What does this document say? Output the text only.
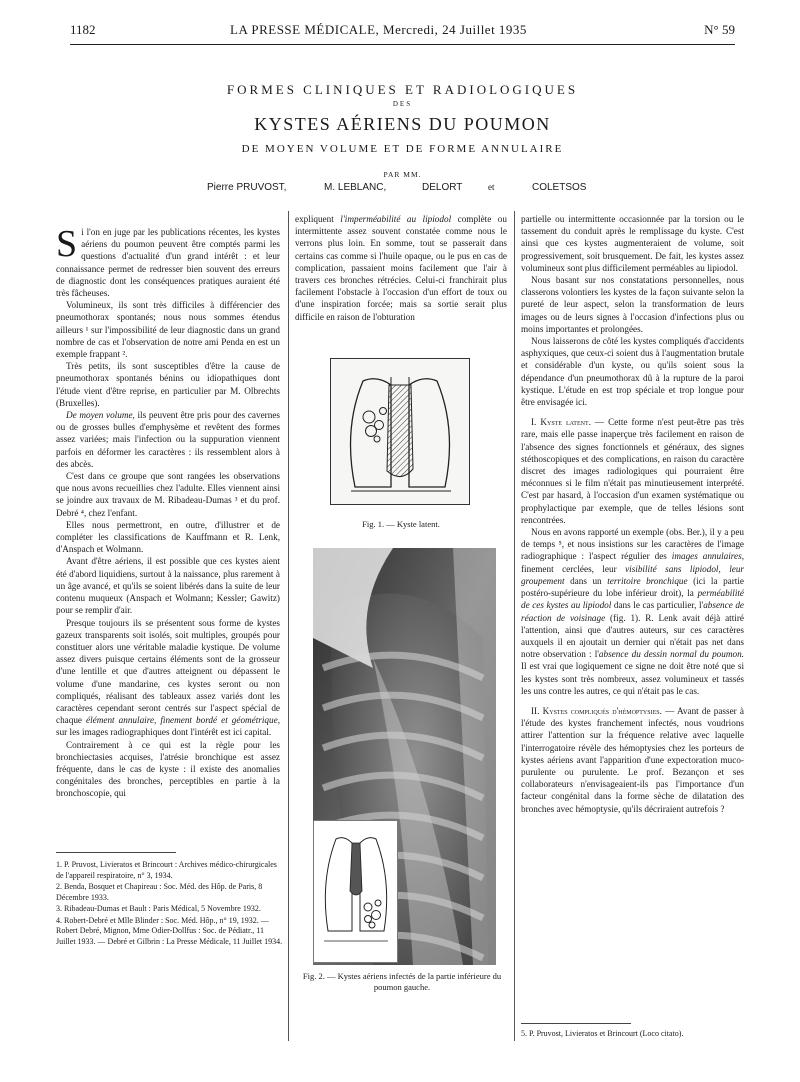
1182	LA PRESSE MÉDICALE, Mercredi, 24 Juillet 1935	N° 59
FORMES CLINIQUES ET RADIOLOGIQUES
DES
KYSTES AÉRIENS DU POUMON
DE MOYEN VOLUME ET DE FORME ANNULAIRE
PAR MM.
Pierre PRUVOST,	M. LEBLANC,	DELORT	et	COLETSOS

Si l'on en juge par les publications récentes, les kystes aériens du poumon peuvent être comptés parmi les questions d'actualité d'un grand intérêt : et leur connaissance permet de redresser bien souvent des erreurs de diagnostic dont les conséquences pratiques auraient été très fâcheuses.

Volumineux, ils sont très difficiles à différencier des pneumothorax spontanés; nous nous sommes étendus ailleurs ¹ sur l'impossibilité de leur diagnostic dans un grand nombre de cas et l'observation de notre ami Penda en est un exemple frappant ².

Très petits, ils sont susceptibles d'être la cause de pneumothorax spontanés bénins ou idiopathiques dont l'étude vient d'être reprise, en particulier par M. Olbrechts (Bruxelles).

De moyen volume, ils peuvent être pris pour des cavernes ou de grosses bulles d'emphysème et revêtent des formes assez variées; mais l'infection ou la suppuration viennent parfois en déformer les caractères : ils ressemblent alors à des abcès.

C'est dans ce groupe que sont rangées les observations que nous avons recueillies chez l'adulte. Elles viennent ainsi se joindre aux travaux de M. Ribadeau-Dumas ³ et du prof. Debré ⁴, chez l'enfant.

Elles nous permettront, en outre, d'illustrer et de compléter les classifications de Kauffmann et R. Lenk, d'Anspach et Wolmann.

Avant d'être aériens, il est possible que ces kystes aient été d'abord liquidiens, surtout à la naissance, plus rarement à un âge avancé, et qu'ils se soient libérés dans la suite de leur contenu muqueux (Anspach et Wolmann; Kessler; Gawitz) pour se remplir d'air.

Presque toujours ils se présentent sous forme de kystes gazeux transparents soit isolés, soit multiples, groupés pour constituer alors une véritable maladie kystique. De volume assez divers puisque certains éléments sont de la grosseur d'une lentille et que d'autres atteignent ou dépassent le volume d'une mandarine, ces kystes seront ou non compliqués, réalisant des tableaux assez variés dont les caractères cependant seront centrés sur l'aspect spécial de chaque élément annulaire, finement bordé et géométrique, sur les images radiographiques dont l'intérêt est ici capital.

Contrairement à ce qui est la règle pour les bronchiectasies acquises, l'atrésie bronchique est assez fréquente, dans le cas de kyste : il existe des anomalies congénitales des bronches, perceptibles en partie à la bronchoscopie, qui

1. P. Pruvost, Livieratos et Brincourt : Archives médico-chirurgicales de l'appareil respiratoire, n° 3, 1934.
2. Benda, Bosquet et Chapireau : Soc. Méd. des Hôp. de Paris, 8 Décembre 1933.
3. Ribadeau-Dumas et Bault : Paris Médical, 5 Novembre 1932.
4. Robert-Debré et Mlle Blinder : Soc. Méd. Hôp., n° 19, 1932. — Robert Debré, Mignon, Mme Odier-Dollfus : Soc. de Pédiatr., 11 Juillet 1933. — Debré et Gilbrin : La Presse Médicale, 11 Juillet 1934.

expliquent l'imperméabilité au lipiodol complète ou intermittente assez souvent constatée comme nous le verrons plus loin. En somme, tout se passerait dans certains cas comme si l'huile opaque, ou le pus en cas de complication, passaient moins facilement que l'air à travers ces bronches rétrécies. Celui-ci franchirait plus facilement l'obstacle à l'occasion d'un effort de toux ou d'une inspiration forcée; mais sa sortie serait plus difficile en raison de l'obturation

Fig. 1. — Kyste latent.
Fig. 2. — Kystes aériens infectés de la partie inférieure du poumon gauche.

partielle ou intermittente occasionnée par la torsion ou le tassement du conduit après le remplissage du kyste. C'est ainsi que ces kystes augmenteraient de volume, soit progressivement, soit brusquement. De fait, les kystes assez volumineux sont plus difficilement perméables au lipiodol.

Nous basant sur nos constatations personnelles, nous classerons volontiers les kystes de la façon suivante selon la pureté de leur aspect, selon la transformation de leurs images ou de leurs signes à l'occasion d'infections plus ou moins importantes et prolongées.

Nous laisserons de côté les kystes compliqués d'accidents asphyxiques, que ceux-ci soient dus à l'augmentation brutale et considérable d'un kyste, ou qu'ils soient sous la dépendance d'un pneumothorax dû à la rupture de la paroi kystique. L'étude en est trop spéciale et trop longue pour être envisagée ici.

I. Kyste latent. — Cette forme n'est peut-être pas très rare, mais elle passe inaperçue très facilement en raison de l'absence des signes fonctionnels et généraux, des signes stéthoscopiques et des complications, en raison du caractère discret des images radiologiques qui pourraient être méconnues si le film n'était pas minutieusement interprété. C'est par hasard, à l'occasion d'un examen systématique ou prophylactique par exemple, que de telles lésions sont rencontrées.

Nous en avons rapporté un exemple (obs. Ber.), il y a peu de temps ⁵, et nous insistions sur les caractères de l'image radiographique : l'aspect régulier des images annulaires, finement cerclées, leur visibilité sans lipiodol, leur groupement dans un territoire bronchique (ici la partie postéro-supérieure du lobe inférieur droit), la perméabilité de ces kystes au lipiodol dans le cas particulier, l'absence de réaction de voisinage (fig. 1). R. Lenk avait déjà attiré l'attention, ainsi que d'autres auteurs, sur ces caractères auxquels il en ajoutait un dernier qui n'était pas net dans notre observation : l'absence du dessin normal du poumon. Il est vrai que logiquement ce signe ne doit être noté que si les kystes sont très nombreux, assez volumineux et tassés les uns contre les autres, ce qui n'était pas le cas.

II. Kystes compliqués d'hémoptysies. — Avant de passer à l'étude des kystes franchement infectés, nous voudrions attirer l'attention sur la fréquence relative avec laquelle l'interrogatoire révèle des hémoptysies chez les porteurs de kystes aériens avant l'apparition d'une expectoration muco-purulente ou purulente. Le prof. Bezançon et ses collaborateurs n'envisageaient-ils pas l'importance d'un facteur congénital dans la forme sèche de dilatation des bronches avec hémoptysie, qu'ils décriraient autrefois ?

5. P. Pruvost, Livieratos et Brincourt (Loco citato).
